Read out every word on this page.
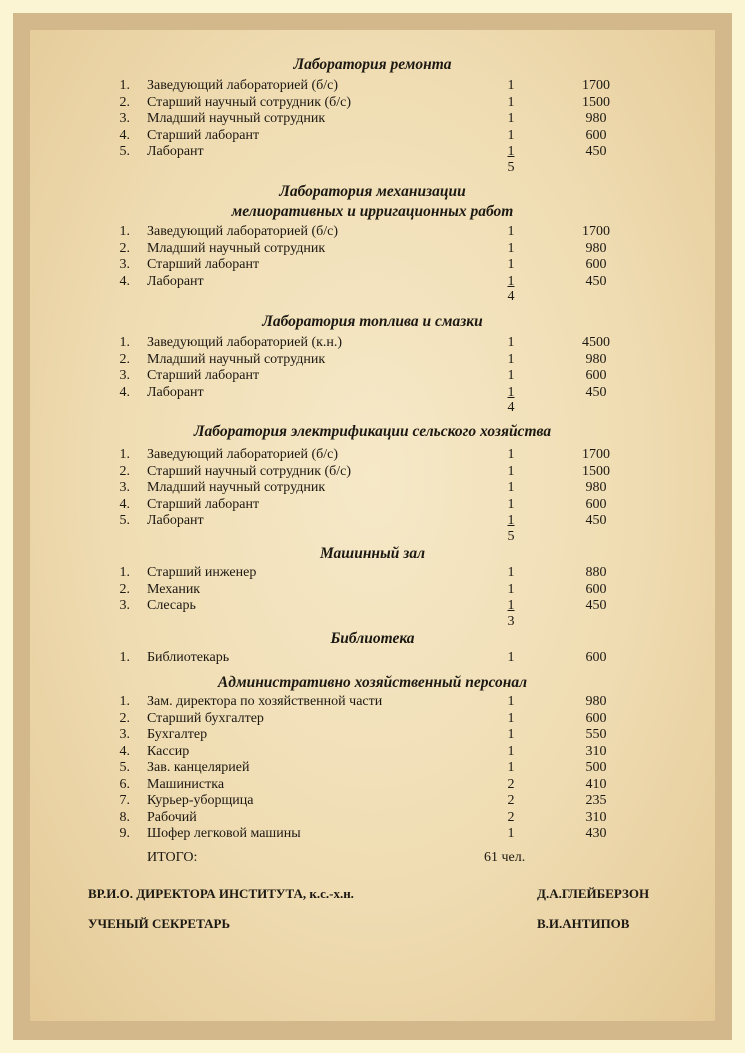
Лаборатория ремонта
1. Заведующий лабораторией (б/с)	1	1700
2. Старший научный сотрудник (б/с)	1	1500
3. Младший научный сотрудник	1	980
4. Старший лаборант	1	600
5. Лаборант	1	450
5
Лаборатория механизации
мелиоративных и ирригационных работ
1. Заведующий лабораторией (б/с)	1	1700
2. Младший научный сотрудник	1	980
3. Старший лаборант	1	600
4. Лаборант	1	450
4
Лаборатория топлива и смазки
1. Заведующий лабораторией (к.н.)	1	4500
2. Младший научный сотрудник	1	980
3. Старший лаборант	1	600
4. Лаборант	1	450
4
Лаборатория электрификации сельского хозяйства
1. Заведующий лабораторией (б/с)	1	1700
2. Старший научный сотрудник (б/с)	1	1500
3. Младший научный сотрудник	1	980
4. Старший лаборант	1	600
5. Лаборант	1	450
5
Машинный зал
1. Старший инженер	1	880
2. Механик	1	600
3. Слесарь	1	450
3
Библиотека
1. Библиотекарь	1	600
Административно хозяйственный персонал
1. Зам. директора по хозяйственной части	1	980
2. Старший бухгалтер	1	600
3. Бухгалтер	1	550
4. Кассир	1	310
5. Зав. канцелярией	1	500
6. Машинистка	2	410
7. Курьер-уборщица	2	235
8. Рабочий	2	310
9. Шофер легковой машины	1	430
ИТОГО:	61 чел.
ВР.И.О. ДИРЕКТОРА ИНСТИТУТА, к.с.-х.н.	Д.А.ГЛЕЙБЕРЗОН
УЧЕНЫЙ СЕКРЕТАРЬ	В.И.АНТИПОВ
